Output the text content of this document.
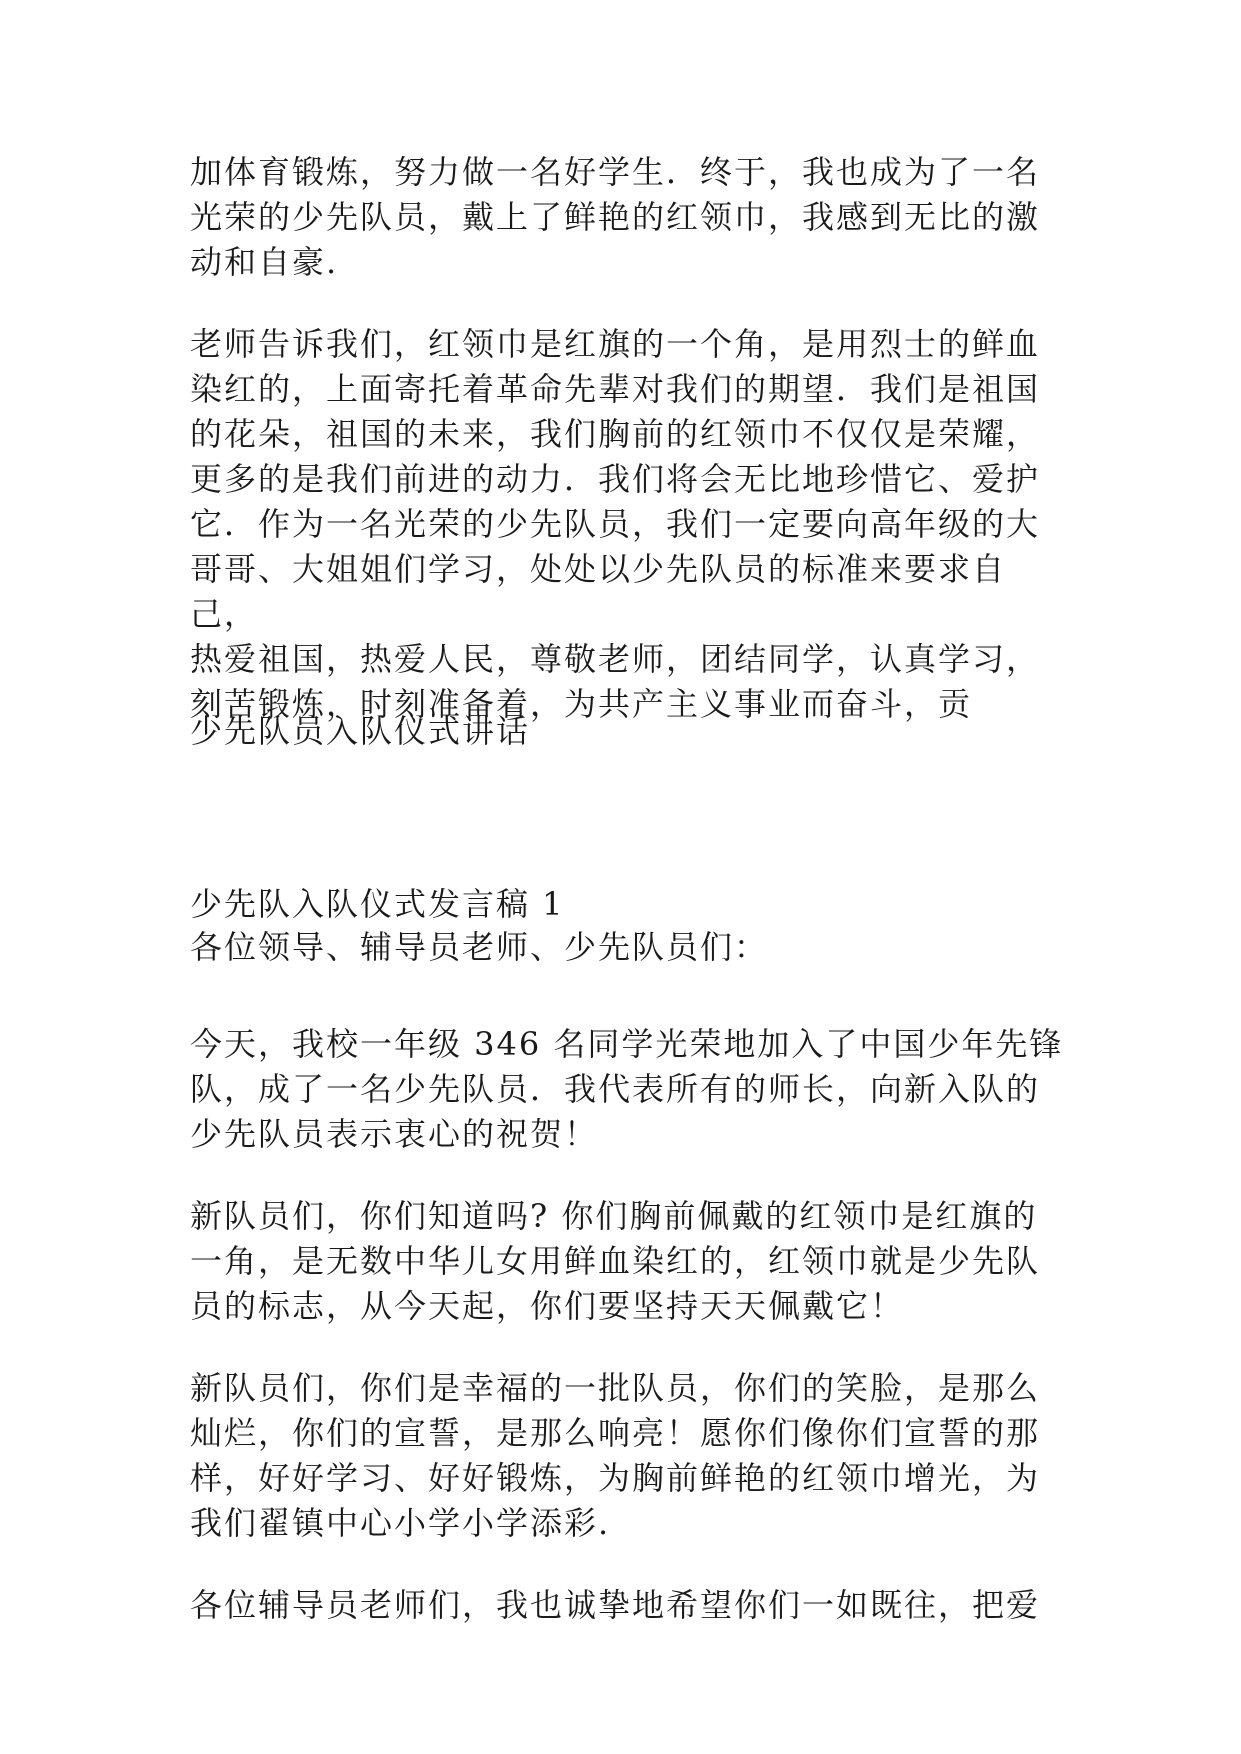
加体育锻炼，努力做一名好学生．终于，我也成为了一名
光荣的少先队员，戴上了鲜艳的红领巾，我感到无比的激
动和自豪.

老师告诉我们，红领巾是红旗的一个角，是用烈士的鲜血
染红的，上面寄托着革命先辈对我们的期望．我们是祖国
的花朵，祖国的未来，我们胸前的红领巾不仅仅是荣耀，
更多的是我们前进的动力．我们将会无比地珍惜它、爱护
它．作为一名光荣的少先队员，我们一定要向高年级的大
哥哥、大姐姐们学习，处处以少先队员的标准来要求自己，
热爱祖国，热爱人民，尊敬老师，团结同学，认真学习，
刻苦锻炼，时刻准备着，为共产主义事业而奋斗，贡

少先队员入队仪式讲话

少先队入队仪式发言稿 1

各位领导、辅导员老师、少先队员们：

今天，我校一年级 346 名同学光荣地加入了中国少年先锋
队，成了一名少先队员．我代表所有的师长，向新入队的
少先队员表示衷心的祝贺！

新队员们，你们知道吗? 你们胸前佩戴的红领巾是红旗的
一角，是无数中华儿女用鲜血染红的，红领巾就是少先队
员的标志，从今天起，你们要坚持天天佩戴它！

新队员们，你们是幸福的一批队员，你们的笑脸，是那么
灿烂，你们的宣誓，是那么响亮！愿你们像你们宣誓的那
样，好好学习、好好锻炼，为胸前鲜艳的红领巾增光，为
我们翟镇中心小学小学添彩.

各位辅导员老师们，我也诚挚地希望你们一如既往，把爱
